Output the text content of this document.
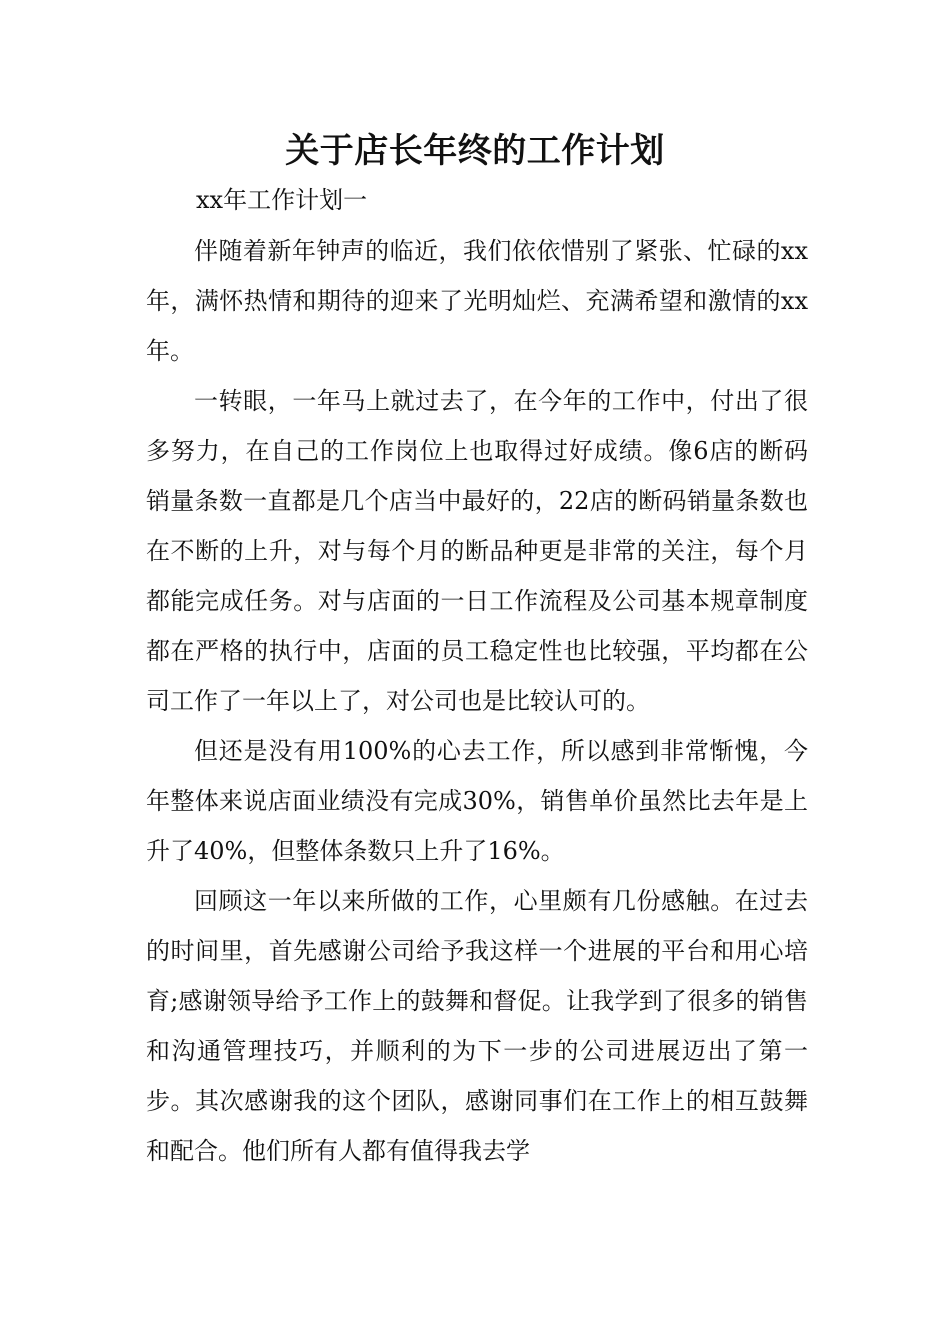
关于店长年终的工作计划
xx年工作计划一

伴随着新年钟声的临近，我们依依惜别了紧张、忙碌的xx年，满怀热情和期待的迎来了光明灿烂、充满希望和激情的xx年。

一转眼，一年马上就过去了，在今年的工作中，付出了很多努力，在自己的工作岗位上也取得过好成绩。像6店的断码销量条数一直都是几个店当中最好的，22店的断码销量条数也在不断的上升，对与每个月的断品种更是非常的关注，每个月都能完成任务。对与店面的一日工作流程及公司基本规章制度都在严格的执行中，店面的员工稳定性也比较强，平均都在公司工作了一年以上了，对公司也是比较认可的。

但还是没有用100%的心去工作，所以感到非常惭愧，今年整体来说店面业绩没有完成30%，销售单价虽然比去年是上升了40%，但整体条数只上升了16%。

回顾这一年以来所做的工作，心里颇有几份感触。在过去的时间里，首先感谢公司给予我这样一个进展的平台和用心培育;感谢领导给予工作上的鼓舞和督促。让我学到了很多的销售和沟通管理技巧，并顺利的为下一步的公司进展迈出了第一步。其次感谢我的这个团队，感谢同事们在工作上的相互鼓舞和配合。他们所有人都有值得我去学
